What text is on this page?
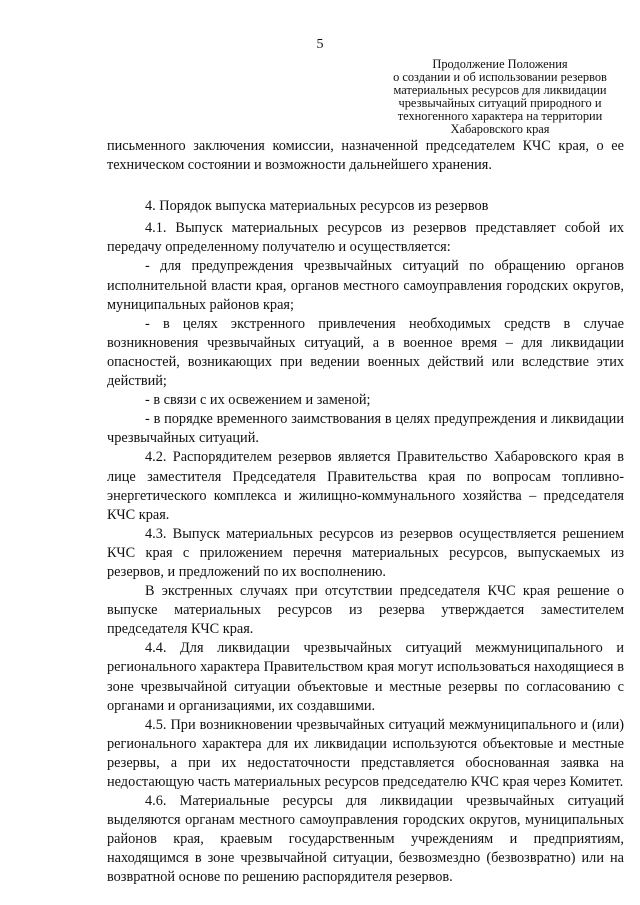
5
Продолжение Положения
о создании и об использовании резервов
материальных ресурсов для ликвидации
чрезвычайных ситуаций природного и
техногенного характера на территории
Хабаровского края

письменного заключения комиссии, назначенной председателем КЧС края, о ее техническом состоянии и возможности дальнейшего хранения.

4. Порядок выпуска материальных ресурсов из резервов

4.1. Выпуск материальных ресурсов из резервов представляет собой их передачу определенному получателю и осуществляется:

- для предупреждения чрезвычайных ситуаций по обращению органов исполнительной власти края, органов местного самоуправления городских округов, муниципальных районов края;

- в целях экстренного привлечения необходимых средств в случае возникновения чрезвычайных ситуаций, а в военное время – для ликвидации опасностей, возникающих при ведении военных действий или вследствие этих действий;

- в связи с их освежением и заменой;

- в порядке временного заимствования в целях предупреждения и ликвидации чрезвычайных ситуаций.

4.2. Распорядителем резервов является Правительство Хабаровского края в лице заместителя Председателя Правительства края по вопросам топливно-энергетического комплекса и жилищно-коммунального хозяйства – председателя КЧС края.

4.3. Выпуск материальных ресурсов из резервов осуществляется решением КЧС края с приложением перечня материальных ресурсов, выпускаемых из резервов, и предложений по их восполнению.

В экстренных случаях при отсутствии председателя КЧС края решение о выпуске материальных ресурсов из резерва утверждается заместителем председателя КЧС края.

4.4. Для ликвидации чрезвычайных ситуаций межмуниципального и регионального характера Правительством края могут использоваться находящиеся в зоне чрезвычайной ситуации объектовые и местные резервы по согласованию с органами и организациями, их создавшими.

4.5. При возникновении чрезвычайных ситуаций межмуниципального и (или) регионального характера для их ликвидации используются объектовые и местные резервы, а при их недостаточности представляется обоснованная заявка на недостающую часть материальных ресурсов председателю КЧС края через Комитет.

4.6. Материальные ресурсы для ликвидации чрезвычайных ситуаций выделяются органам местного самоуправления городских округов, муниципальных районов края, краевым государственным учреждениям и предприятиям, находящимся в зоне чрезвычайной ситуации, безвозмездно (безвозвратно) или на возвратной основе по решению распорядителя резервов.
